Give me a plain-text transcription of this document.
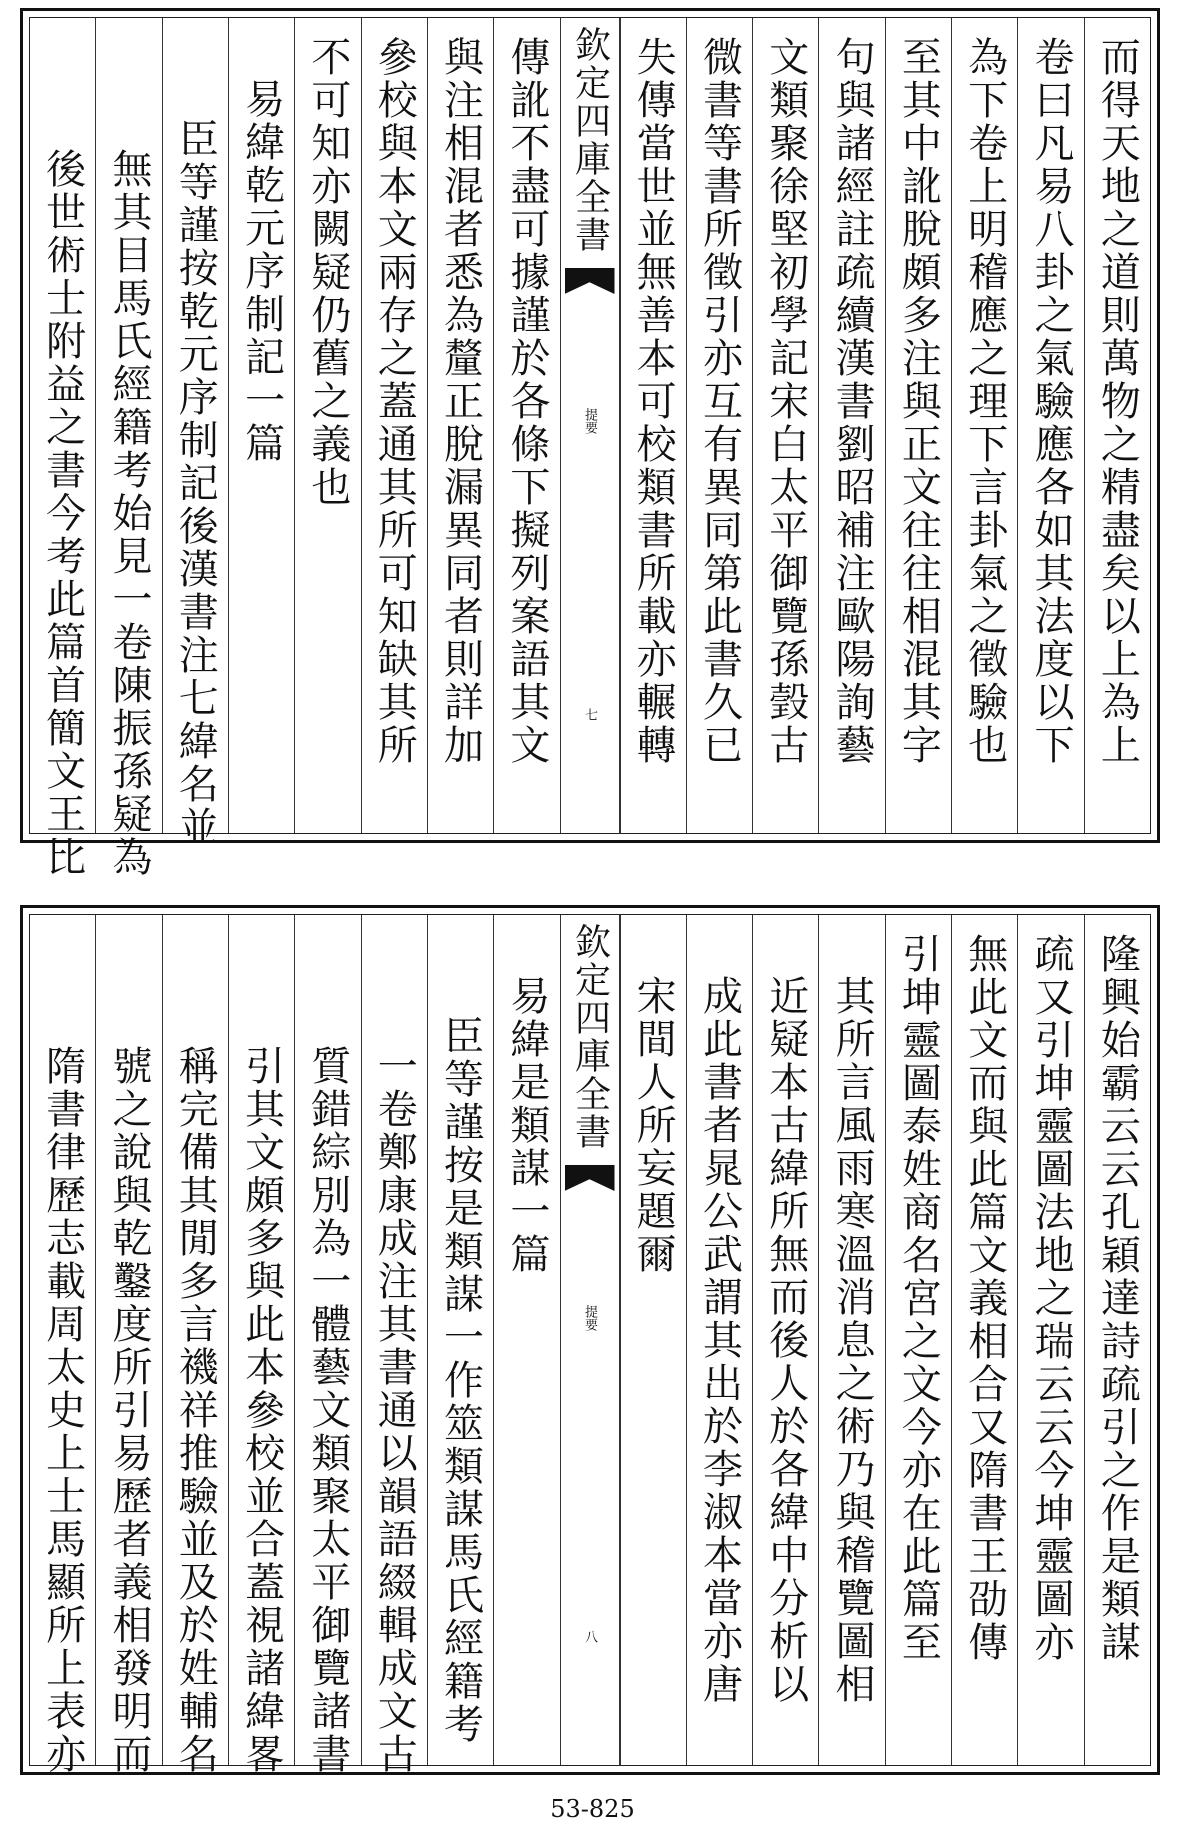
而得天地之道則萬物之精盡矣以上為上
卷曰凡易八卦之氣驗應各如其法度以下
為下卷上明稽應之理下言卦氣之徵驗也
至其中訛脫頗多注與正文往往相混其字
句與諸經註疏續漢書劉昭補注歐陽詢藝
文類聚徐堅初學記宋白太平御覽孫瑴古
微書等書所徵引亦互有異同第此書久已
失傳當世並無善本可校類書所載亦輾轉
欽定四庫全書
提要
七
傳訛不盡可據謹於各條下擬列案語其文
與注相混者悉為釐正脫漏異同者則詳加
參校與本文兩存之蓋通其所可知缺其所
不可知亦闕疑仍舊之義也
易緯乾元序制記一篇
臣等謹按乾元序制記後漢書注七緯名並
無其目馬氏經籍考始見一卷陳振孫疑為
後世術士附益之書今考此篇首簡文王比
隆興始霸云云孔穎達詩疏引之作是類謀
疏又引坤靈圖法地之瑞云云今坤靈圖亦
無此文而與此篇文義相合又隋書王劭傳
引坤靈圖泰姓商名宮之文今亦在此篇至
其所言風雨寒溫消息之術乃與稽覽圖相
近疑本古緯所無而後人於各緯中分析以
成此書者晁公武謂其出於李淑本當亦唐
宋間人所妄題爾
欽定四庫全書
提要
八
易緯是類謀一篇
臣等謹按是類謀一作筮類謀馬氏經籍考
一卷鄭康成注其書通以韻語綴輯成文古
質錯綜別為一體藝文類聚太平御覽諸書
引其文頗多與此本參校並合蓋視諸緯畧
稱完備其閒多言禨祥推驗並及於姓輔名
號之說與乾鑿度所引易歷者義相發明而
隋書律歷志載周太史上士馬顯所上表亦
53-825
